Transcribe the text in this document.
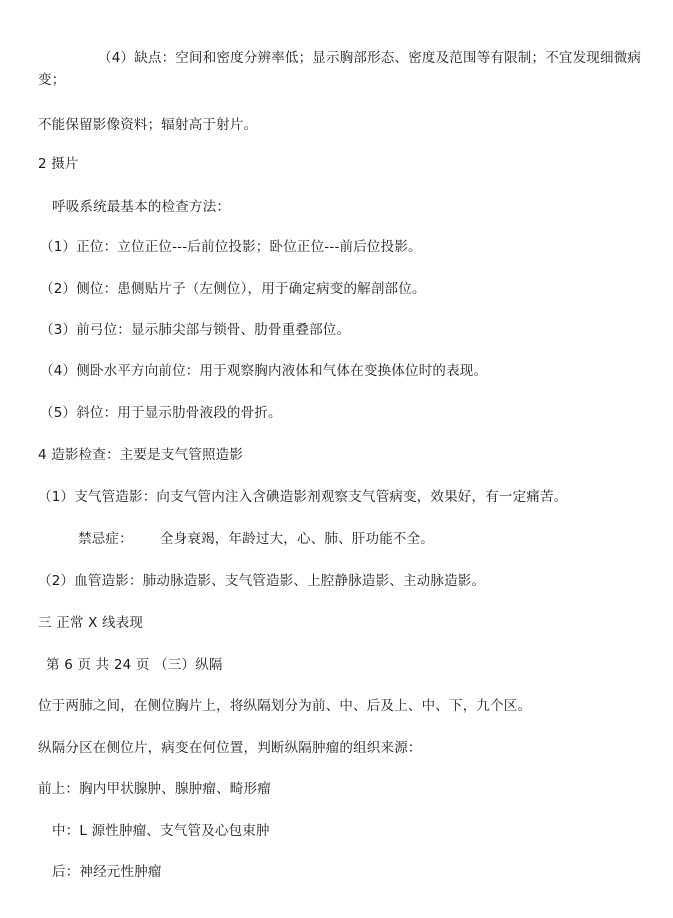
（4）缺点：空间和密度分辨率低；显示胸部形态、密度及范围等有限制；不宜发现细微病变；
不能保留影像资料；辐射高于射片。
2 摄片
呼吸系统最基本的检查方法：
（1）正位：立位正位---后前位投影；卧位正位---前后位投影。
（2）侧位：患侧贴片子（左侧位），用于确定病变的解剖部位。
（3）前弓位：显示肺尖部与锁骨、肋骨重叠部位。
（4）侧卧水平方向前位：用于观察胸内液体和气体在变换体位时的表现。
（5）斜位：用于显示肋骨液段的骨折。
4 造影检查：主要是支气管照造影
（1）支气管造影：向支气管内注入含碘造影剂观察支气管病变，效果好，有一定痛苦。
禁忌症： 全身衰竭，年龄过大，心、肺、肝功能不全。
（2）血管造影：肺动脉造影、支气管造影、上腔静脉造影、主动脉造影。
三 正常 X 线表现
第 6 页 共 24 页 （三）纵隔
位于两肺之间，在侧位胸片上，将纵隔划分为前、中、后及上、中、下，九个区。
纵隔分区在侧位片，病变在何位置，判断纵隔肿瘤的组织来源：
前上：胸内甲状腺肿、腺肿瘤、畸形瘤
中：L 源性肿瘤、支气管及心包束肿
后：神经元性肿瘤
